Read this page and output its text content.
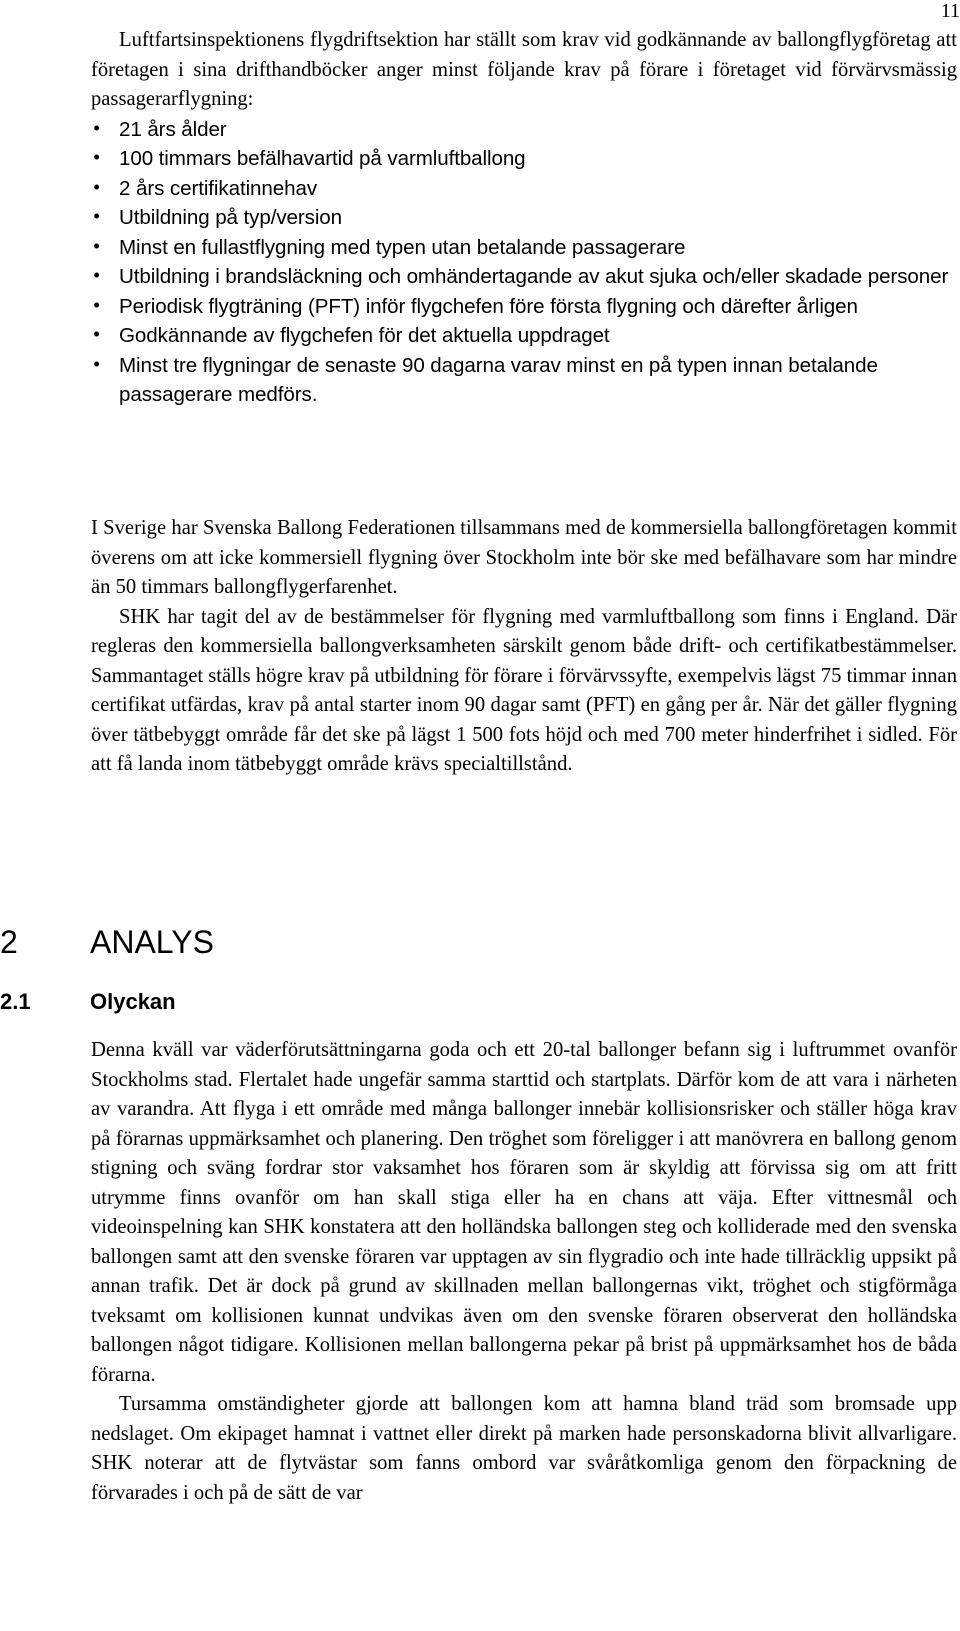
11

Luftfartsinspektionens flygdriftsektion har ställt som krav vid godkännande av ballongflygföretag att företagen i sina drifthandböcker anger minst följande krav på förare i företaget vid förvärvsmässig passagerarflygning:

• 21 års ålder
• 100 timmars befälhavartid på varmluftballong
• 2 års certifikatinnehav
• Utbildning på typ/version
• Minst en fullastflygning med typen utan betalande passagerare
• Utbildning i brandsläckning och omhändertagande av akut sjuka och/eller skadade personer
• Periodisk flygträning (PFT) inför flygchefen före första flygning och därefter årligen
• Godkännande av flygchefen för det aktuella uppdraget
• Minst tre flygningar de senaste 90 dagarna varav minst en på typen innan betalande passagerare medförs.

I Sverige har Svenska Ballong Federationen tillsammans med de kommersiella ballongföretagen kommit överens om att icke kommersiell flygning över Stockholm inte bör ske med befälhavare som har mindre än 50 timmars ballongflygerfarenhet.

SHK har tagit del av de bestämmelser för flygning med varmluftballong som finns i England. Där regleras den kommersiella ballongverksamheten särskilt genom både drift- och certifikatbestämmelser. Sammantaget ställs högre krav på utbildning för förare i förvärvssyfte, exempelvis lägst 75 timmar innan certifikat utfärdas, krav på antal starter inom 90 dagar samt (PFT) en gång per år. När det gäller flygning över tätbebyggt område får det ske på lägst 1 500 fots höjd och med 700 meter hinderfrihet i sidled. För att få landa inom tätbebyggt område krävs specialtillstånd.

2 ANALYS
2.1	Olyckan

Denna kväll var väderförutsättningarna goda och ett 20-tal ballonger befann sig i luftrummet ovanför Stockholms stad. Flertalet hade ungefär samma starttid och startplats. Därför kom de att vara i närheten av varandra. Att flyga i ett område med många ballonger innebär kollisionsrisker och ställer höga krav på förarnas uppmärksamhet och planering. Den tröghet som föreligger i att manövrera en ballong genom stigning och sväng fordrar stor vaksamhet hos föraren som är skyldig att förvissa sig om att fritt utrymme finns ovanför om han skall stiga eller ha en chans att väja. Efter vittnesmål och videoinspelning kan SHK konstatera att den holländska ballongen steg och kolliderade med den svenska ballongen samt att den svenske föraren var upptagen av sin flygradio och inte hade tillräcklig uppsikt på annan trafik. Det är dock på grund av skillnaden mellan ballongernas vikt, tröghet och stigförmåga tveksamt om kollisionen kunnat undvikas även om den svenske föraren observerat den holländska ballongen något tidigare. Kollisionen mellan ballongerna pekar på brist på uppmärksamhet hos de båda förarna.

Tursamma omständigheter gjorde att ballongen kom att hamna bland träd som bromsade upp nedslaget. Om ekipaget hamnat i vattnet eller direkt på marken hade personskadorna blivit allvarligare. SHK noterar att de flytvästar som fanns ombord var svåråtkomliga genom den förpackning de förvarades i och på de sätt de var
